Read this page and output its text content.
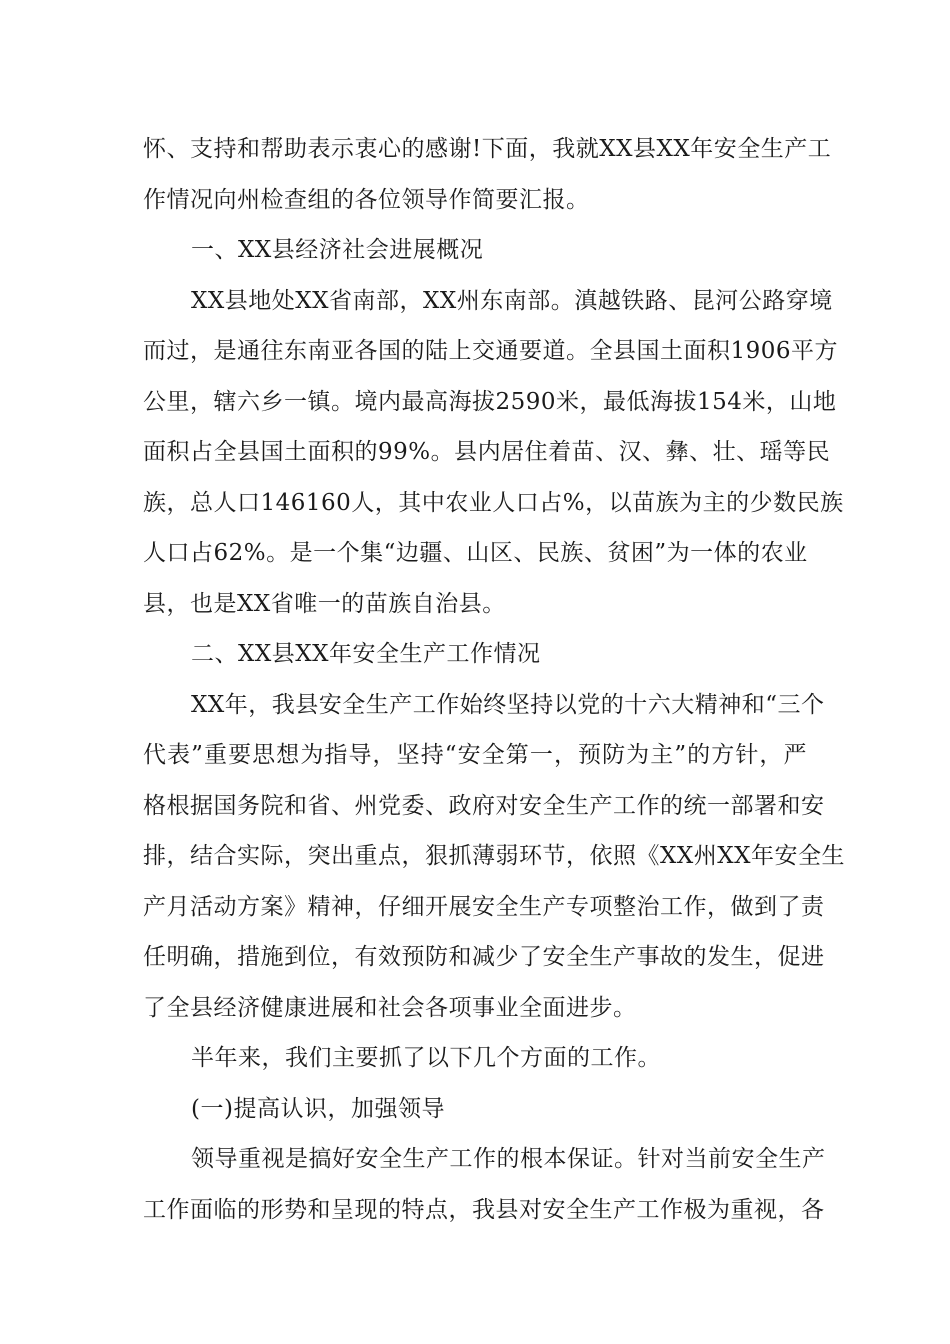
怀、支持和帮助表示衷心的感谢!下面，我就XX县XX年安全生产工
作情况向州检查组的各位领导作简要汇报。
一、XX县经济社会进展概况
XX县地处XX省南部，XX州东南部。滇越铁路、昆河公路穿境
而过，是通往东南亚各国的陆上交通要道。全县国土面积1906平方
公里，辖六乡一镇。境内最高海拔2590米，最低海拔154米，山地
面积占全县国土面积的99%。县内居住着苗、汉、彝、壮、瑶等民
族，总人口146160人，其中农业人口占%，以苗族为主的少数民族
人口占62%。是一个集“边疆、山区、民族、贫困”为一体的农业
县，也是XX省唯一的苗族自治县。
二、XX县XX年安全生产工作情况
XX年，我县安全生产工作始终坚持以党的十六大精神和“三个
代表”重要思想为指导，坚持“安全第一，预防为主”的方针，严
格根据国务院和省、州党委、政府对安全生产工作的统一部署和安
排，结合实际，突出重点，狠抓薄弱环节，依照《XX州XX年安全生
产月活动方案》精神，仔细开展安全生产专项整治工作，做到了责
任明确，措施到位，有效预防和减少了安全生产事故的发生，促进
了全县经济健康进展和社会各项事业全面进步。
半年来，我们主要抓了以下几个方面的工作。
(一)提高认识，加强领导
领导重视是搞好安全生产工作的根本保证。针对当前安全生产
工作面临的形势和呈现的特点，我县对安全生产工作极为重视，各
